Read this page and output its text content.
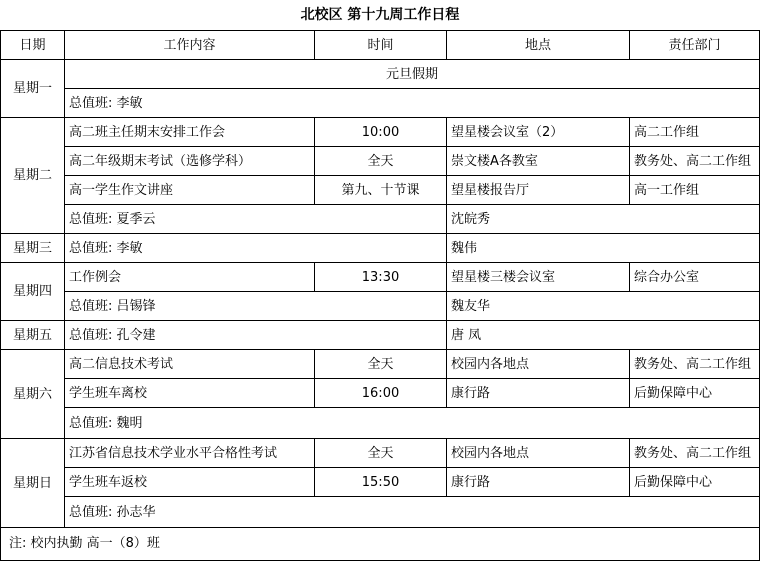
北校区 第十九周工作日程
日期	工作内容	时间	地点	责任部门
星期一	元旦假期			
	总值班: 李敏			
星期二	高二班主任期末安排工作会	10:00	望星楼会议室（2）	高二工作组
	高二年级期末考试（选修学科）	全天	崇文楼A各教室	教务处、高二工作组
	高一学生作文讲座	第九、十节课	望星楼报告厅	高一工作组
	总值班: 夏季云		沈皖秀	
星期三	总值班: 李敏		魏伟	
星期四	工作例会	13:30	望星楼三楼会议室	综合办公室
	总值班: 吕锡锋		魏友华	
星期五	总值班: 孔令建		唐 凤	
星期六	高二信息技术考试	全天	校园内各地点	教务处、高二工作组
	学生班车离校	16:00	康行路	后勤保障中心
	总值班: 魏明			
星期日	江苏省信息技术学业水平合格性考试	全天	校园内各地点	教务处、高二工作组
	学生班车返校	15:50	康行路	后勤保障中心
	总值班: 孙志华			
注: 校内执勤 高一（8）班
